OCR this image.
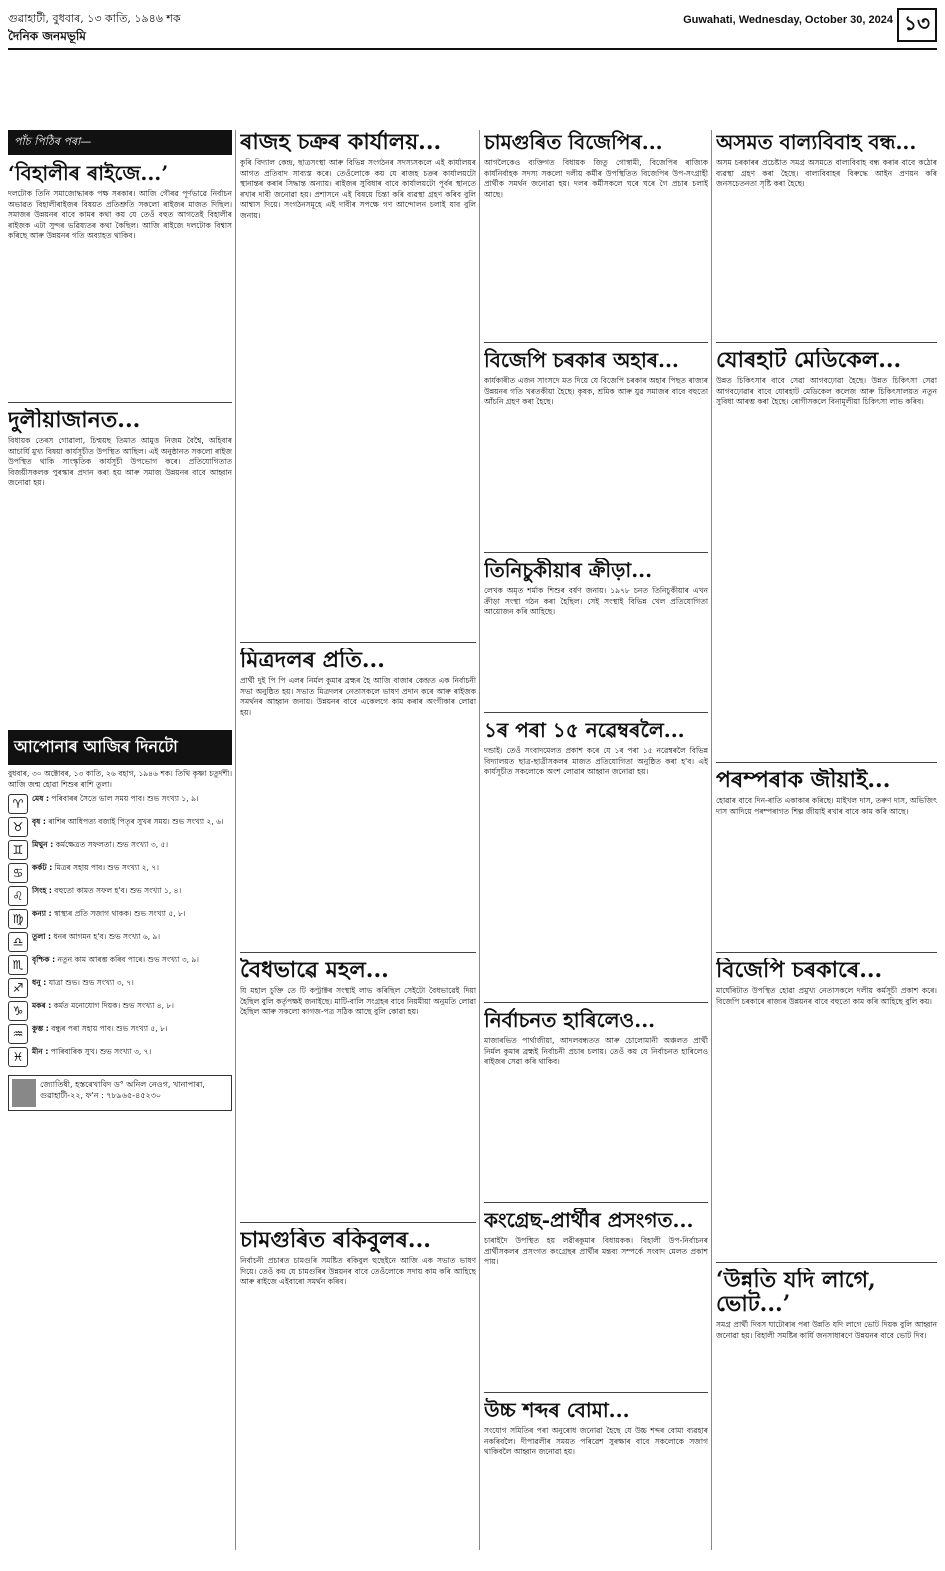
গুৱাহাটী, বুধবাৰ, ১৩ কাতি, ১৯৪৬ শক
দৈনিক জনমভূমি
Guwahati, Wednesday, October 30, 2024 ১৩
পাঁচ পিঠিৰ পৰা—
‘বিহালীৰ ৰাইজে...’
দলটোক তিনি সমাজোদ্ধাৰক পক্ষ সৰকাৰ। আজি গৌৰৱ পূৰ্ণভাৱে নিৰ্বাচন অভাৱত বিহালীৰাইজৰ বিষয়ত প্ৰতিশ্ৰুতি সকলো ৰাইজৰ মাজত দিছিল। সমাজৰ উন্নয়নৰ বাবে কামৰ কথা কয় যে তেওঁ বহুত আগতেই বিহালীৰ ৰাইজক এটা সুন্দৰ ভৱিষ্যতৰ কথা কৈছিল। আজি ৰাইজে দলটোক বিশ্বাস কৰিছে আৰু উন্নয়নৰ গতি অব্যাহত থাকিব।
দুলীয়াজানত...
বিধায়ক তেৰস গোৱালা, চিন্ময়ছ তিমাত আমুত্ত নিজম বৈশ্বৈ, অহিবাৰ আচাৰ্যি মুখ্য বিষয়া কাৰ্যসূচীত উপস্থিত আছিল। এই অনুষ্ঠানত সকলো ৰাইজ উপস্থিত থাকি সাংস্কৃতিক কাৰ্যসূচী উপভোগ কৰে। প্ৰতিযোগিতাত বিজয়ীসকলক পুৰস্কাৰ প্ৰদান কৰা হয় আৰু সমাজ উন্নয়নৰ বাবে আহ্বান জনোৱা হয়।
আপোনাৰ আজিৰ দিনটো
বুধবাৰ, ৩০ অক্টোবৰ, ১৩ কাতি, ২৬ বহাগ, ১৯৪৬ শক। তিথি কৃষ্ণা চতুৰ্দশী। আজি জন্ম হোৱা শিশুৰ ৰাশি তুলা।
♈	মেষ : পৰিবাৰৰ সৈতে ভাল সময় পাব। শুভ সংখ্যা ১, ৯।
♉	বৃষ : ৰাশিৰ আধিপত্য বজাই পিতৃৰ সুখৰ সময়। শুভ সংখ্যা ২, ৬।
♊	মিথুন : কৰ্মক্ষেত্ৰত সফলতা। শুভ সংখ্যা ৩, ৫।
♋	কৰ্কট : মিত্ৰৰ সহায় পাব। শুভ সংখ্যা ২, ৭।
♌	সিংহ : বহুতো কামত সফল হ'ব। শুভ সংখ্যা ১, ৪।
♍	কন্যা : স্বাস্থ্যৰ প্ৰতি সজাগ থাকক। শুভ সংখ্যা ৫, ৮।
♎	তুলা : ধনৰ আগমন হ'ব। শুভ সংখ্যা ৬, ৯।
♏	বৃশ্চিক : নতুন কাম আৰম্ভ কৰিব পাৰে। শুভ সংখ্যা ৩, ৯।
♐	ধনু : যাত্ৰা শুভ। শুভ সংখ্যা ৩, ৭।
♑	মকৰ : কৰ্মত মনোযোগ দিয়ক। শুভ সংখ্যা ৪, ৮।
♒	কুম্ভ : বন্ধুৰ পৰা সহায় পাব। শুভ সংখ্যা ৫, ৮।
♓	মীন : পাৰিবাৰিক সুখ। শুভ সংখ্যা ৩, ৭।
জ্যোতিষী, হস্তৰেখাবিদ ড° অনিল নেওগ, খানাপাৰা, গুৱাহাটী-২২, ফ'ন : ৭৮৯৬৫-৪৫২৩০
ৰাজহ চক্ৰৰ কাৰ্যালয়...
কুৰি বিদ্যাল কেন্দ্ৰ, ছাত্ৰসংস্থা আৰু বিভিন্ন সংগঠনৰ সদস্যসকলে এই কাৰ্যালয়ৰ আগত প্ৰতিবাদ সাব্যস্ত কৰে। তেওঁলোকে কয় যে ৰাজহ চক্ৰৰ কাৰ্যালয়টো স্থানান্তৰ কৰাৰ সিদ্ধান্ত অন্যায়। ৰাইজৰ সুবিধাৰ বাবে কাৰ্যালয়টো পূৰ্বৰ স্থানতে ৰখাৰ দাবী জনোৱা হয়। প্ৰশাসনে এই বিষয়ে চিন্তা কৰি ব্যৱস্থা গ্ৰহণ কৰিব বুলি আশ্বাস দিয়ে। সংগঠনসমূহে এই দাবীৰ সপক্ষে গণ আন্দোলন চলাই যাব বুলি জনায়।
মিত্ৰদলৰ প্ৰতি...
প্ৰাৰ্থী দুই পি পি এলৰ নিৰ্মল কুমাৰ ব্ৰহ্মৰ হৈ আজি বাজাৰ কেন্দ্ৰত এক নিৰ্বাচনী সভা অনুষ্ঠিত হয়। সভাত মিত্ৰদলৰ নেতাসকলে ভাষণ প্ৰদান কৰে আৰু ৰাইজক সমৰ্থনৰ আহ্বান জনায়। উন্নয়নৰ বাবে একেলগে কাম কৰাৰ অংগীকাৰ লোৱা হয়।
বৈধভাৱে মহল...
যি মহাল চুক্তি তে টি কণ্ট্ৰাক্টৰ সংস্থাই লাভ কৰিছিল সেইটো বৈধভাৱেই দিয়া হৈছিল বুলি কৰ্তৃপক্ষই জনাইছে। মাটি-বালি সংগ্ৰহৰ বাবে নিয়মীয়া অনুমতি লোৱা হৈছিল আৰু সকলো কাগজ-পত্ৰ সঠিক আছে বুলি কোৱা হয়।
চামগুৰিত ৰকিবুলৰ...
নিৰ্বাচনী প্ৰচাৰত চামগুৰি সমষ্টিত ৰকিবুল হুছেইনে আজি এক সভাত ভাষণ দিয়ে। তেওঁ কয় যে চামগুৰিৰ উন্নয়নৰ বাবে তেওঁলোকে সদায় কাম কৰি আহিছে আৰু ৰাইজে এইবাৰো সমৰ্থন কৰিব।
চামগুৰিত বিজেপিৰ...
আগলৈকেও ব্যক্তিগত বিধায়ক জিতু গোস্বামী, বিজেপিৰ ৰাজ্যিক কাৰ্যনিৰ্বাহক সদস্য সকলো দলীয় কৰ্মীৰ উপস্থিতিত বিজেপিৰ উপ-সংগ্ৰাহী প্ৰাৰ্থীক সমৰ্থন জনোৱা হয়। দলৰ কৰ্মীসকলে ঘৰে ঘৰে গৈ প্ৰচাৰ চলাই আছে।
বিজেপি চৰকাৰ অহাৰ...
কাৰ্যকাৰীত এজন সাংসদে মত দিয়ে যে বিজেপি চৰকাৰ অহাৰ পিছত ৰাজ্যৰ উন্নয়নৰ গতি খৰতকীয়া হৈছে। কৃষক, শ্ৰমিক আৰু যুৱ সমাজৰ বাবে বহুতো আঁচনি গ্ৰহণ কৰা হৈছে।
তিনিচুকীয়াৰ ক্ৰীড়া...
লেখক অমৃত শৰ্মাক শিশুৰ বৰ্ষণ জনায়। ১৯৭৮ চনত তিনিচুকীয়াৰ এখন ক্ৰীড়া সংস্থা গঠন কৰা হৈছিল। সেই সংস্থাই বিভিন্ন খেল প্ৰতিযোগিতা আয়োজন কৰি আহিছে।
১ৰ পৰা ১৫ নৱেম্বৰলৈ...
দন্ডাই। তেওঁ সংবাদমেলত প্ৰকাশ কৰে যে ১ৰ পৰা ১৫ নৱেম্বৰলৈ বিভিন্ন বিদ্যালয়ত ছাত্ৰ-ছাত্ৰীসকলৰ মাজত প্ৰতিযোগিতা অনুষ্ঠিত কৰা হ'ব। এই কাৰ্যসূচীত সকলোকে অংশ লোৱাৰ আহ্বান জনোৱা হয়।
নিৰ্বাচনত হাৰিলেও...
মাজাৰভিত পাৰ্থাজীয়া, আদলবন্ধতত আৰু চোলোমানী অঞ্চলত প্ৰাৰ্থী নিৰ্মল কুমাৰ ব্ৰহ্মই নিৰ্বাচনী প্ৰচাৰ চলায়। তেওঁ কয় যে নিৰ্বাচনত হাৰিলেও ৰাইজৰ সেৱা কৰি থাকিব।
কংগ্ৰেছ-প্ৰাৰ্থীৰ প্ৰসংগত...
চাৰাইদৈ উপস্থিত হয় লৱীৰকুমাৰ বিধায়কক। বিহালী উপ-নিৰ্বাচনৰ প্ৰাৰ্থীসকলৰ প্ৰসংগত কংগ্ৰেছৰ প্ৰাৰ্থীৰ মন্তব্য সম্পৰ্কে সংবাদ মেলত প্ৰকাশ পায়।
উচ্চ শব্দৰ বোমা...
সংযোগ সমিতিৰ পৰা অনুৰোধ জনোৱা হৈছে যে উচ্চ শব্দৰ বোমা ব্যৱহাৰ নকৰিবলৈ। দীপাৱলীৰ সময়ত পৰিৱেশ সুৰক্ষাৰ বাবে সকলোকে সজাগ থাকিবলৈ আহ্বান জনোৱা হয়।
অসমত বাল্যবিবাহ বন্ধ...
অসম চৰকাৰৰ প্ৰচেষ্টাত সমগ্ৰ অসমতে বাল্যবিবাহ বন্ধ কৰাৰ বাবে কঠোৰ ব্যৱস্থা গ্ৰহণ কৰা হৈছে। বাল্যবিবাহৰ বিৰুদ্ধে আইন প্ৰণয়ন কৰি জনসচেতনতা সৃষ্টি কৰা হৈছে।
যোৰহাট মেডিকেল...
উন্নত চিকিৎসাৰ বাবে সেৱা আগবঢ়োৱা হৈছে। উন্নত চিকিৎসা সেৱা আগবঢ়োৱাৰ বাবে যোৰহাট মেডিকেল কলেজ আৰু চিকিৎসালয়ত নতুন সুবিধা আৰম্ভ কৰা হৈছে। ৰোগীসকলে বিনামূলীয়া চিকিৎসা লাভ কৰিব।
পৰম্পৰাক জীয়াই...
হোৱাৰ বাবে দিন-ৰাতি একাকাৰ কৰিছে। মাইখল দাস, তৰুণ দাস, অভিজিৎ দাস আদিয়ে পৰম্পৰাগত শিল্প জীয়াই ৰখাৰ বাবে কাম কৰি আছে।
বিজেপি চৰকাৰে...
মাৰ্ঘেৰিটাত উপস্থিত হোৱা প্ৰমুখ্য নেতাসকলে দলীয় কৰ্মসূচী প্ৰকাশ কৰে। বিজেপি চৰকাৰে ৰাজ্যৰ উন্নয়নৰ বাবে বহুতো কাম কৰি আহিছে বুলি কয়।
‘উন্নতি যদি লাগে, ভোট...’
সমগ্ৰ প্ৰাৰ্থী দিবস ঘাটোৰাৰ পৰা উন্নতি যদি লাগে ভোট দিয়ক বুলি আহ্বান জনোৱা হয়। বিহালী সমষ্টিৰ কাৰ্যি জনসাধাৰণে উন্নয়নৰ বাবে ভোট দিব।
